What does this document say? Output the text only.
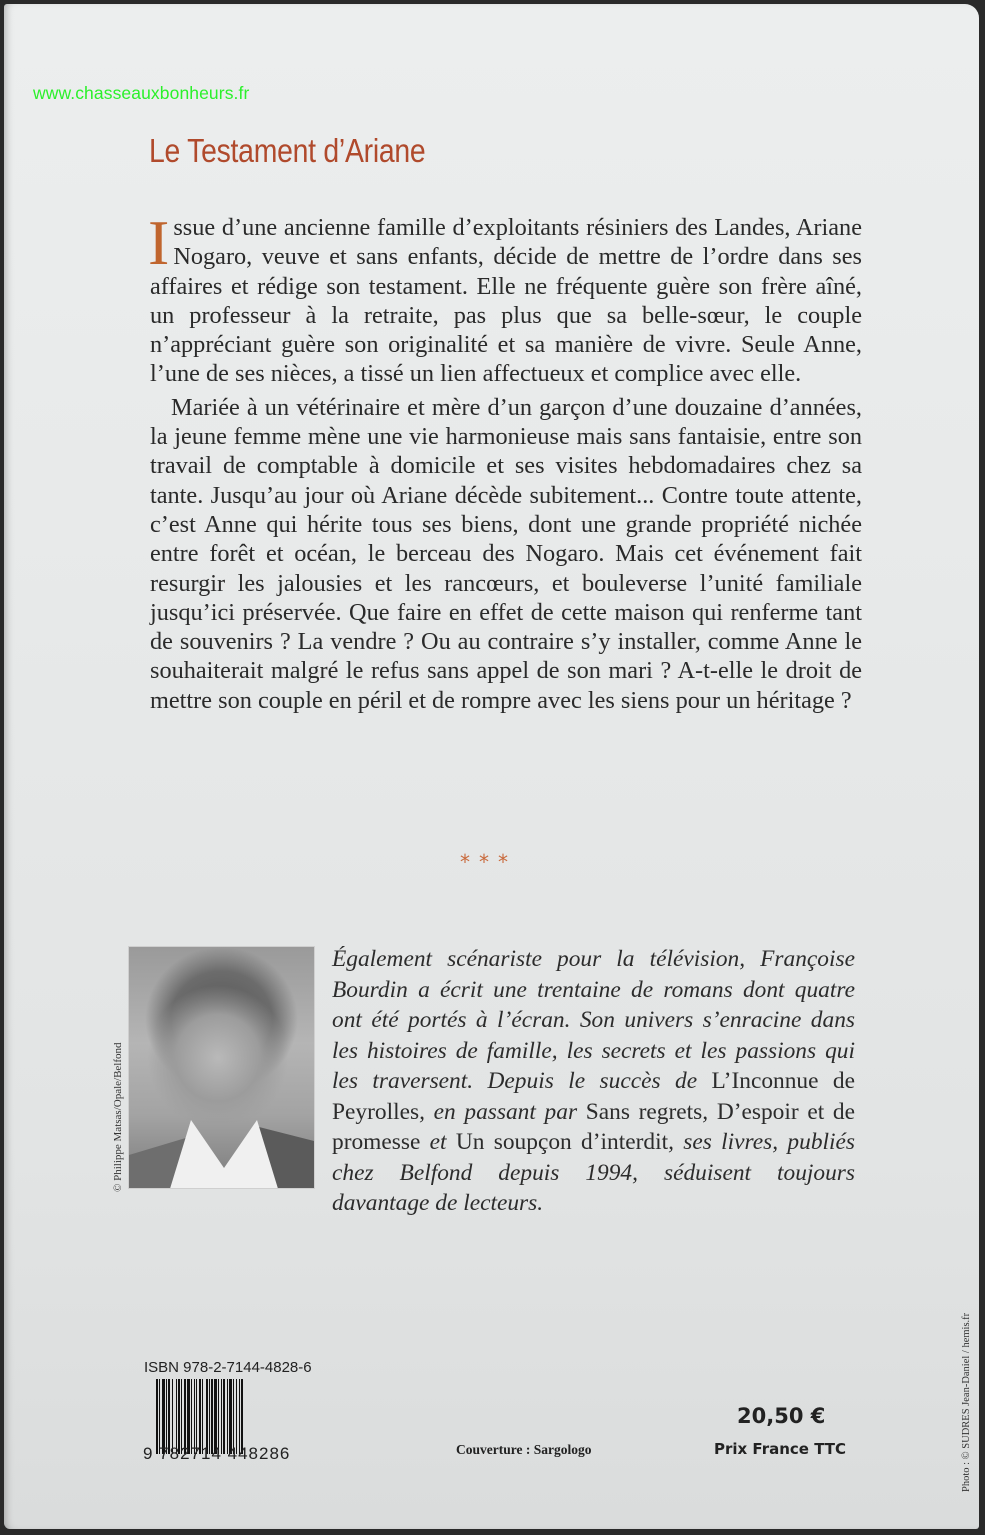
www.chasseauxbonheurs.fr
Le Testament d’Ariane

Issue d’une ancienne famille d’exploitants résiniers des Landes, Ariane Nogaro, veuve et sans enfants, décide de mettre de l’ordre dans ses affaires et rédige son testament. Elle ne fréquente guère son frère aîné, un professeur à la retraite, pas plus que sa belle-sœur, le couple n’appréciant guère son originalité et sa manière de vivre. Seule Anne, l’une de ses nièces, a tissé un lien affectueux et complice avec elle.

Mariée à un vétérinaire et mère d’un garçon d’une douzaine d’années, la jeune femme mène une vie harmonieuse mais sans fantaisie, entre son travail de comptable à domicile et ses visites hebdomadaires chez sa tante. Jusqu’au jour où Ariane décède subitement... Contre toute attente, c’est Anne qui hérite tous ses biens, dont une grande propriété nichée entre forêt et océan, le berceau des Nogaro. Mais cet événement fait resurgir les jalousies et les rancœurs, et bouleverse l’unité familiale jusqu’ici préservée. Que faire en effet de cette maison qui renferme tant de souvenirs ? La vendre ? Ou au contraire s’y installer, comme Anne le souhaiterait malgré le refus sans appel de son mari ? A-t-elle le droit de mettre son couple en péril et de rompre avec les siens pour un héritage ?

***
© Philippe Matsas/Opale/Belfond
Également scénariste pour la télévision, Françoise Bourdin a écrit une trentaine de romans dont quatre ont été portés à l’écran. Son univers s’enracine dans les histoires de famille, les secrets et les passions qui les traversent. Depuis le succès de L’Inconnue de Peyrolles, en passant par Sans regrets, D’espoir et de promesse et Un soupçon d’interdit, ses livres, publiés chez Belfond depuis 1994, séduisent toujours davantage de lecteurs.
ISBN 978-2-7144-4828-6
9 782714 448286	Couverture : Sargologo
20,50 €
Prix France TTC	Photo : © SUDRES Jean-Daniel / hemis.fr
